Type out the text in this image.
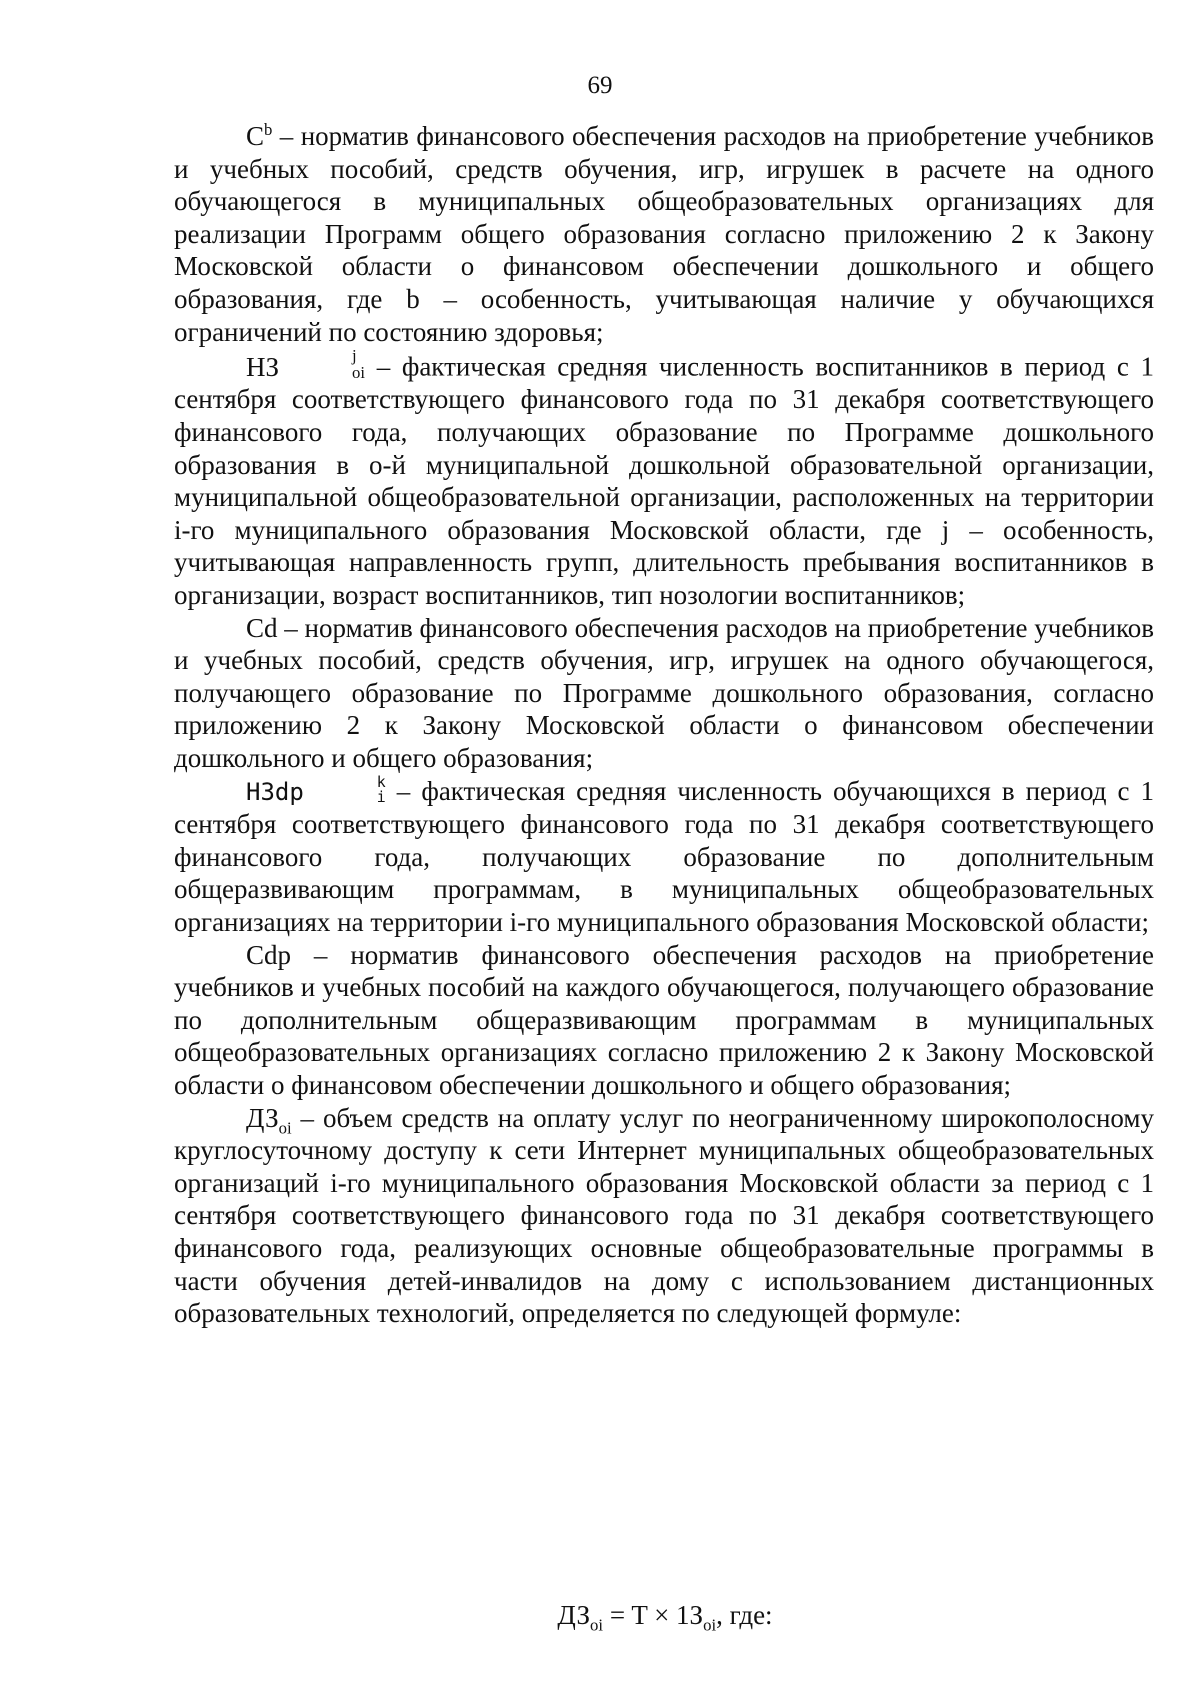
69

$C^b$ – норматив финансового обеспечения расходов на приобретение учебников и учебных пособий, средств обучения, игр, игрушек в расчете на одного обучающегося в муниципальных общеобразовательных организациях для реализации Программ общего образования согласно приложению 2 к Закону Московской области о финансовом обеспечении дошкольного и общего образования, где b – особенность, учитывающая наличие у обучающихся ограничений по состоянию здоровья;

НЗ	j
oi – фактическая средняя численность воспитанников в период с 1 сентября соответствующего финансового года по 31 декабря соответствующего финансового года, получающих образование по Программе дошкольного образования в o-й муниципальной дошкольной образовательной организации, муниципальной общеобразовательной организации, расположенных на территории i-го муниципального образования Московской области, где j – особенность, учитывающая направленность групп, длительность пребывания воспитанников в организации, возраст воспитанников, тип нозологии воспитанников;

Cd – норматив финансового обеспечения расходов на приобретение учебников и учебных пособий, средств обучения, игр, игрушек на одного обучающегося, получающего образование по Программе дошкольного образования, согласно приложению 2 к Закону Московской области о финансовом обеспечении дошкольного и общего образования;

НЗdp	k
i – фактическая средняя численность обучающихся в период с 1 сентября соответствующего финансового года по 31 декабря соответствующего финансового года, получающих образование по дополнительным общеразвивающим программам, в муниципальных общеобразовательных организациях на территории i-го муниципального образования Московской области;

Cdp – норматив финансового обеспечения расходов на приобретение учебников и учебных пособий на каждого обучающегося, получающего образование по дополнительным общеразвивающим программам в муниципальных общеобразовательных организациях согласно приложению 2 к Закону Московской области о финансовом обеспечении дошкольного и общего образования;

$ДЗ_{oi}$ – объем средств на оплату услуг по неограниченному широкополосному круглосуточному доступу к сети Интернет муниципальных общеобразовательных организаций i-го муниципального образования Московской области за период с 1 сентября соответствующего финансового года по 31 декабря соответствующего финансового года, реализующих основные общеобразовательные программы в части обучения детей-инвалидов на дому с использованием дистанционных образовательных технологий, определяется по следующей формуле:

$ДЗ_{oi} = T \times 1З_{oi}$, где:
